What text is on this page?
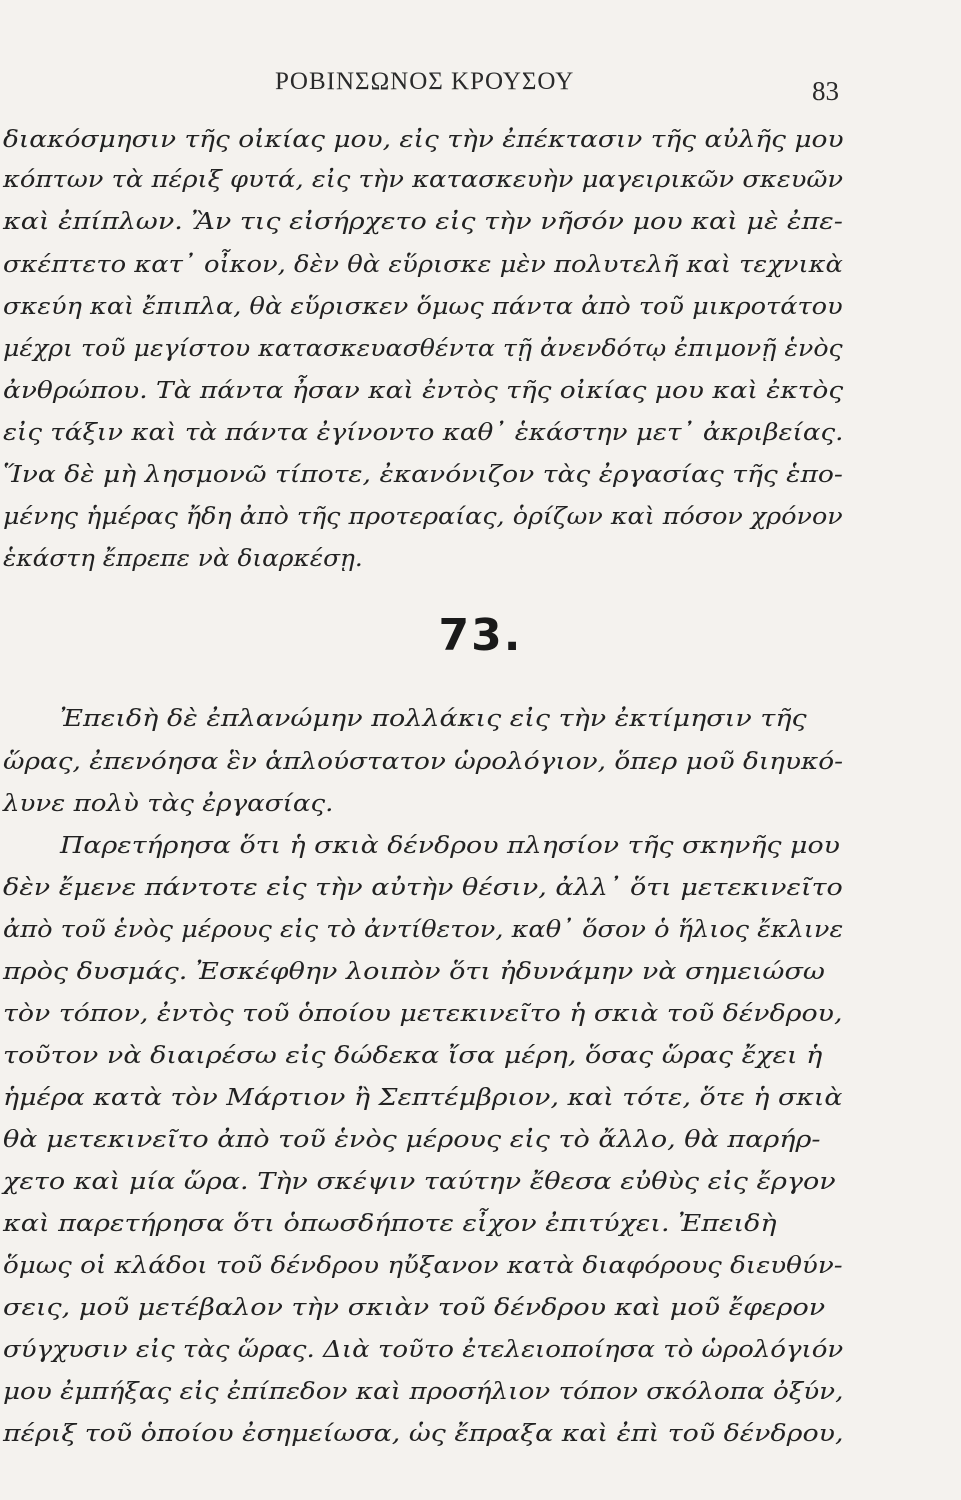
ΡΟΒΙΝΣΩΝΟΣ ΚΡΟΥΣΟΥ	83
διακόσμησιν τῆς οἰκίας μου, εἰς τὴν ἐπέκτασιν τῆς αὐλῆς μου
κόπτων τὰ πέριξ φυτά, εἰς τὴν κατασκευὴν μαγειρικῶν σκευῶν
καὶ ἐπίπλων. Ἂν τις εἰσήρχετο εἰς τὴν νῆσόν μου καὶ μὲ ἐπε-
σκέπτετο κατ᾽ οἶκον, δὲν θὰ εὕρισκε μὲν πολυτελῆ καὶ τεχνικὰ
σκεύη καὶ ἔπιπλα, θὰ εὕρισκεν ὅμως πάντα ἀπὸ τοῦ μικροτάτου
μέχρι τοῦ μεγίστου κατασκευασθέντα τῇ ἀνενδότῳ ἐπιμονῇ ἑνὸς
ἀνθρώπου. Τὰ πάντα ἦσαν καὶ ἐντὸς τῆς οἰκίας μου καὶ ἐκτὸς
εἰς τάξιν καὶ τὰ πάντα ἐγίνοντο καθ᾽ ἑκάστην μετ᾽ ἀκριβείας.
Ἵνα δὲ μὴ λησμονῶ τίποτε, ἐκανόνιζον τὰς ἐργασίας τῆς ἑπο-
μένης ἡμέρας ἤδη ἀπὸ τῆς προτεραίας, ὁρίζων καὶ πόσον χρόνον
ἑκάστη ἔπρεπε νὰ διαρκέσῃ.
73.
Ἐπειδὴ δὲ ἐπλανώμην πολλάκις εἰς τὴν ἐκτίμησιν τῆς
ὥρας, ἐπενόησα ἓν ἁπλούστατον ὡρολόγιον, ὅπερ μοῦ διηυκό-
λυνε πολὺ τὰς ἐργασίας.
Παρετήρησα ὅτι ἡ σκιὰ δένδρου πλησίον τῆς σκηνῆς μου
δὲν ἔμενε πάντοτε εἰς τὴν αὐτὴν θέσιν, ἀλλ᾽ ὅτι μετεκινεῖτο
ἀπὸ τοῦ ἑνὸς μέρους εἰς τὸ ἀντίθετον, καθ᾽ ὅσον ὁ ἥλιος ἔκλινε
πρὸς δυσμάς. Ἐσκέφθην λοιπὸν ὅτι ἠδυνάμην νὰ σημειώσω
τὸν τόπον, ἐντὸς τοῦ ὁποίου μετεκινεῖτο ἡ σκιὰ τοῦ δένδρου,
τοῦτον νὰ διαιρέσω εἰς δώδεκα ἴσα μέρη, ὅσας ὥρας ἔχει ἡ
ἡμέρα κατὰ τὸν Μάρτιον ἢ Σεπτέμβριον, καὶ τότε, ὅτε ἡ σκιὰ
θὰ μετεκινεῖτο ἀπὸ τοῦ ἑνὸς μέρους εἰς τὸ ἄλλο, θὰ παρήρ-
χετο καὶ μία ὥρα. Τὴν σκέψιν ταύτην ἔθεσα εὐθὺς εἰς ἔργον
καὶ παρετήρησα ὅτι ὁπωσδήποτε εἶχον ἐπιτύχει. Ἐπειδὴ
ὅμως οἱ κλάδοι τοῦ δένδρου ηὔξανον κατὰ διαφόρους διευθύν-
σεις, μοῦ μετέβαλον τὴν σκιὰν τοῦ δένδρου καὶ μοῦ ἔφερον
σύγχυσιν εἰς τὰς ὥρας. Διὰ τοῦτο ἐτελειοποίησα τὸ ὡρολόγιόν
μου ἐμπήξας εἰς ἐπίπεδον καὶ προσήλιον τόπον σκόλοπα ὀξύν,
πέριξ τοῦ ὁποίου ἐσημείωσα, ὡς ἔπραξα καὶ ἐπὶ τοῦ δένδρου,
